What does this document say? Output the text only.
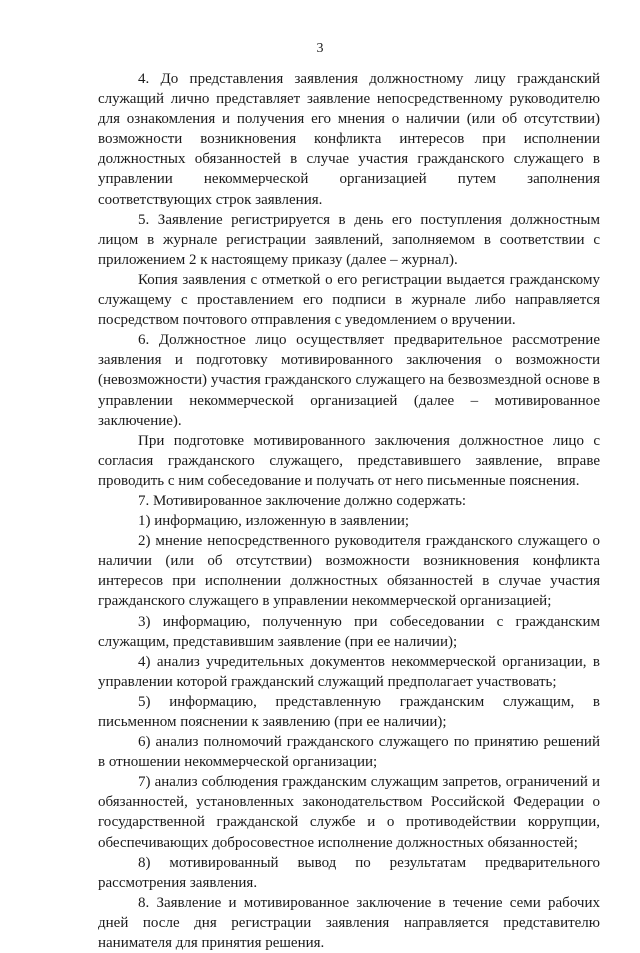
3

4. До представления заявления должностному лицу гражданский служащий лично представляет заявление непосредственному руководителю для ознакомления и получения его мнения о наличии (или об отсутствии) возможности возникновения конфликта интересов при исполнении должностных обязанностей в случае участия гражданского служащего в управлении некоммерческой организацией путем заполнения соответствующих строк заявления.

5. Заявление регистрируется в день его поступления должностным лицом в журнале регистрации заявлений, заполняемом в соответствии с приложением 2 к настоящему приказу (далее – журнал).

Копия заявления с отметкой о его регистрации выдается гражданскому служащему с проставлением его подписи в журнале либо направляется посредством почтового отправления с уведомлением о вручении.

6. Должностное лицо осуществляет предварительное рассмотрение заявления и подготовку мотивированного заключения о возможности (невозможности) участия гражданского служащего на безвозмездной основе в управлении некоммерческой организацией (далее – мотивированное заключение).

При подготовке мотивированного заключения должностное лицо с согласия гражданского служащего, представившего заявление, вправе проводить с ним собеседование и получать от него письменные пояснения.

7. Мотивированное заключение должно содержать:

1) информацию, изложенную в заявлении;

2) мнение непосредственного руководителя гражданского служащего о наличии (или об отсутствии) возможности возникновения конфликта интересов при исполнении должностных обязанностей в случае участия гражданского служащего в управлении некоммерческой организацией;

3) информацию, полученную при собеседовании с гражданским служащим, представившим заявление (при ее наличии);

4) анализ учредительных документов некоммерческой организации, в управлении которой гражданский служащий предполагает участвовать;

5) информацию, представленную гражданским служащим, в письменном пояснении к заявлению (при ее наличии);

6) анализ полномочий гражданского служащего по принятию решений в отношении некоммерческой организации;

7) анализ соблюдения гражданским служащим запретов, ограничений и обязанностей, установленных законодательством Российской Федерации о государственной гражданской службе и о противодействии коррупции, обеспечивающих добросовестное исполнение должностных обязанностей;

8) мотивированный вывод по результатам предварительного рассмотрения заявления.

8. Заявление и мотивированное заключение в течение семи рабочих дней после дня регистрации заявления направляется представителю нанимателя для принятия решения.
